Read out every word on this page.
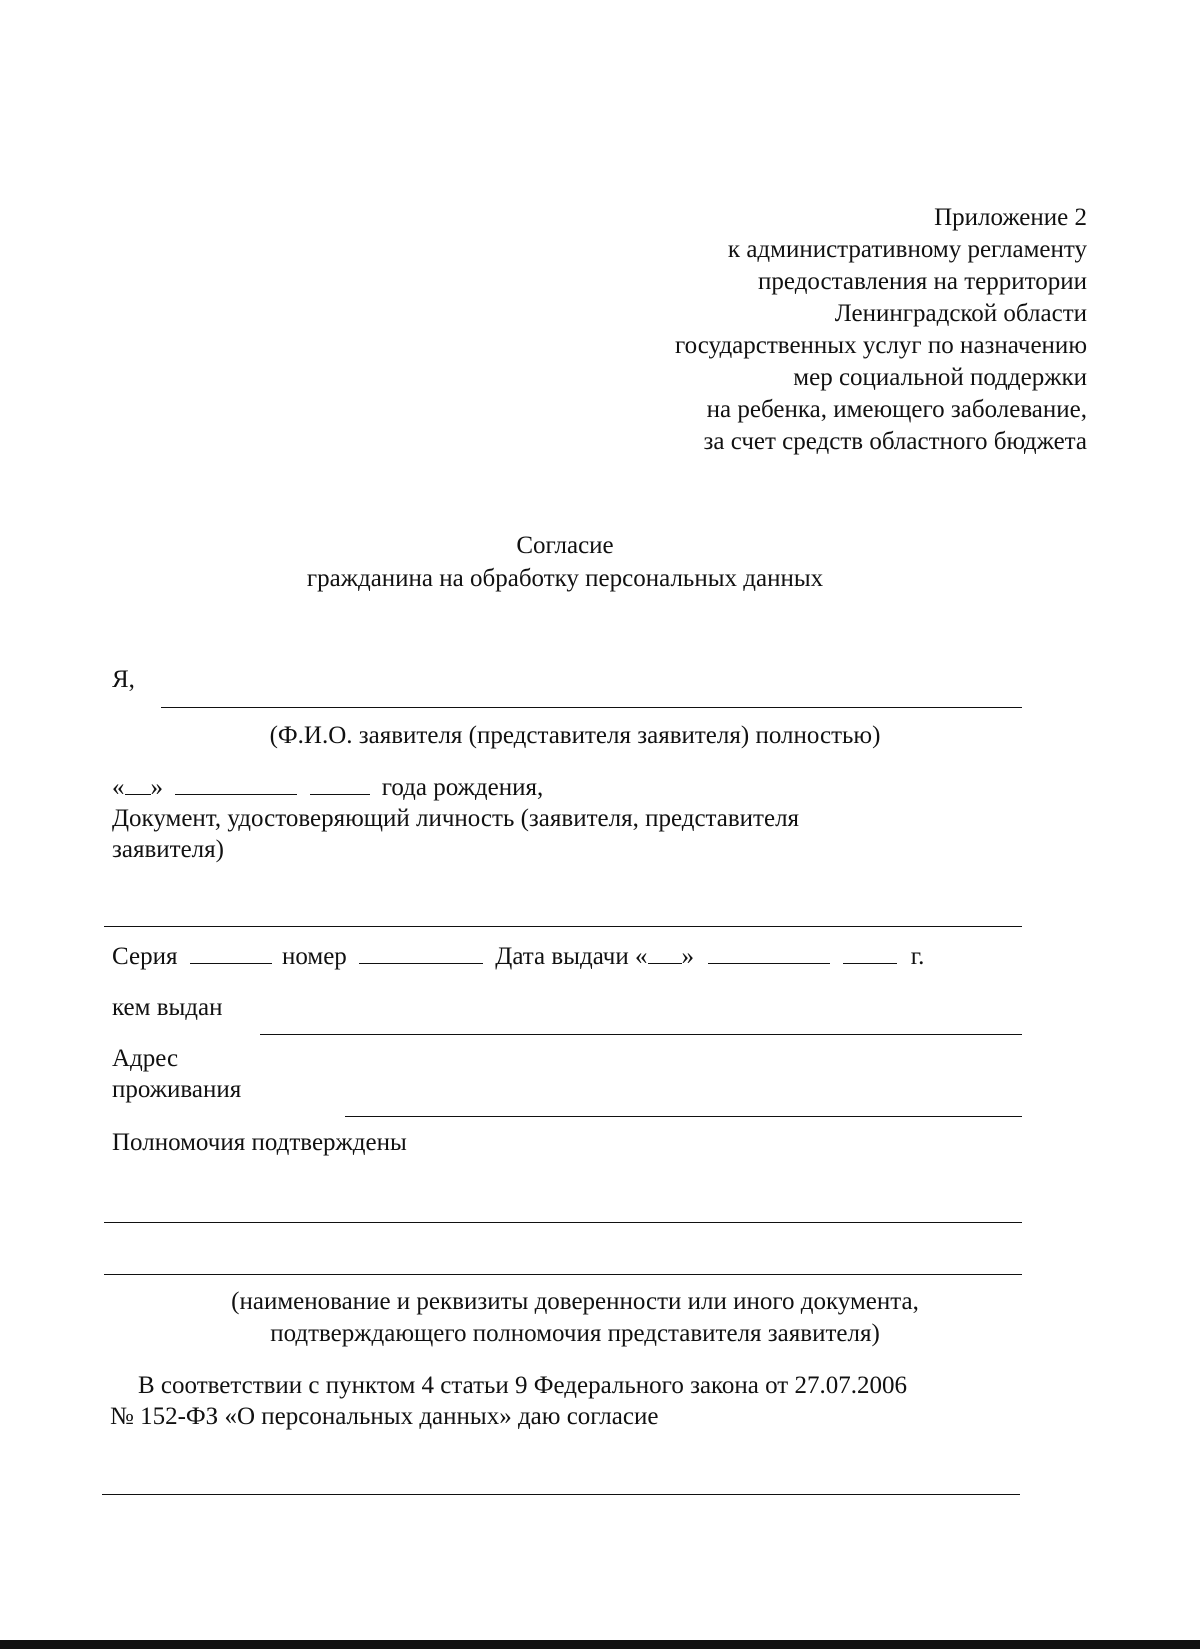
Приложение 2
к административному регламенту
предоставления на территории
Ленинградской области
государственных услуг по назначению
мер социальной поддержки
на ребенка, имеющего заболевание,
за счет средств областного бюджета
Согласие
гражданина на обработку персональных данных
Я,
(Ф.И.О. заявителя (представителя заявителя) полностью)
« »	года рождения,
Документ, удостоверяющий личность (заявителя, представителя
заявителя)
Серия	номер	Дата выдачи « »	г.
кем выдан
Адрес
проживания
Полномочия подтверждены
(наименование и реквизиты доверенности или иного документа,
подтверждающего полномочия представителя заявителя)
В соответствии с пунктом 4 статьи 9 Федерального закона от 27.07.2006
№ 152-ФЗ «О персональных данных» даю согласие
